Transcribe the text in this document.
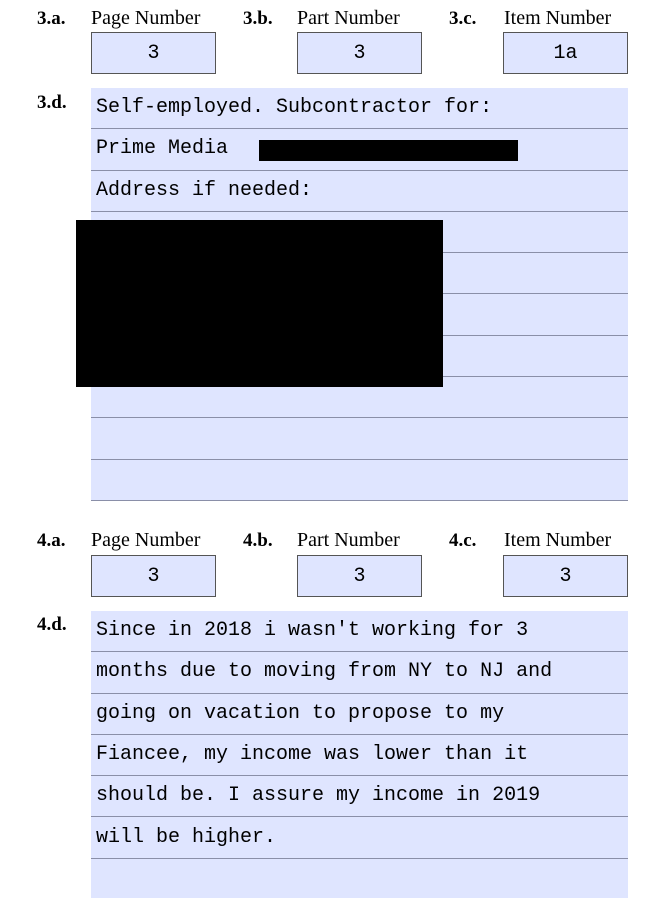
3.a. Page Number
3
3.b. Part Number
3
3.c. Item Number
1a
3.d. Self-employed. Subcontractor for:
Prime Media
Address if needed:
4.a. Page Number
3
4.b. Part Number
3
4.c. Item Number
3
4.d. Since in 2018 i wasn't working for 3
months due to moving from NY to NJ and
going on vacation to propose to my
Fiancee, my income was lower than it
should be. I assure my income in 2019
will be higher.
